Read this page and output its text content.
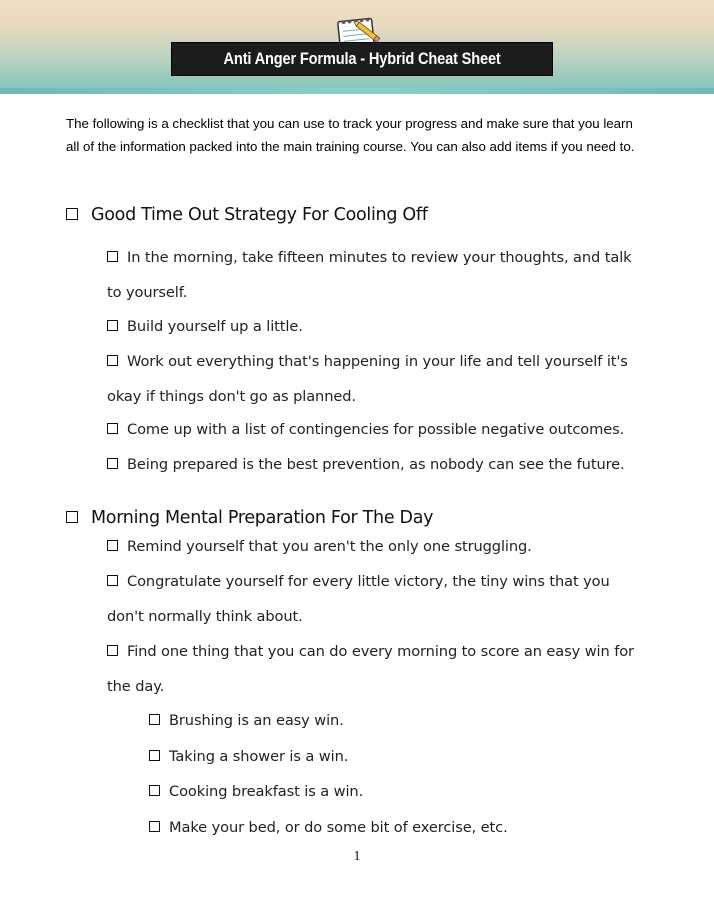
Anti Anger Formula - Hybrid Cheat Sheet
The following is a checklist that you can use to track your progress and make sure that you learn all of the information packed into the main training course. You can also add items if you need to.
Good Time Out Strategy For Cooling Off
In the morning, take fifteen minutes to review your thoughts, and talk to yourself.
Build yourself up a little.
Work out everything that's happening in your life and tell yourself it's okay if things don't go as planned.
Come up with a list of contingencies for possible negative outcomes.
Being prepared is the best prevention, as nobody can see the future.
Morning Mental Preparation For The Day
Remind yourself that you aren't the only one struggling.
Congratulate yourself for every little victory, the tiny wins that you don't normally think about.
Find one thing that you can do every morning to score an easy win for the day.
Brushing is an easy win.
Taking a shower is a win.
Cooking breakfast is a win.
Make your bed, or do some bit of exercise, etc.
1
